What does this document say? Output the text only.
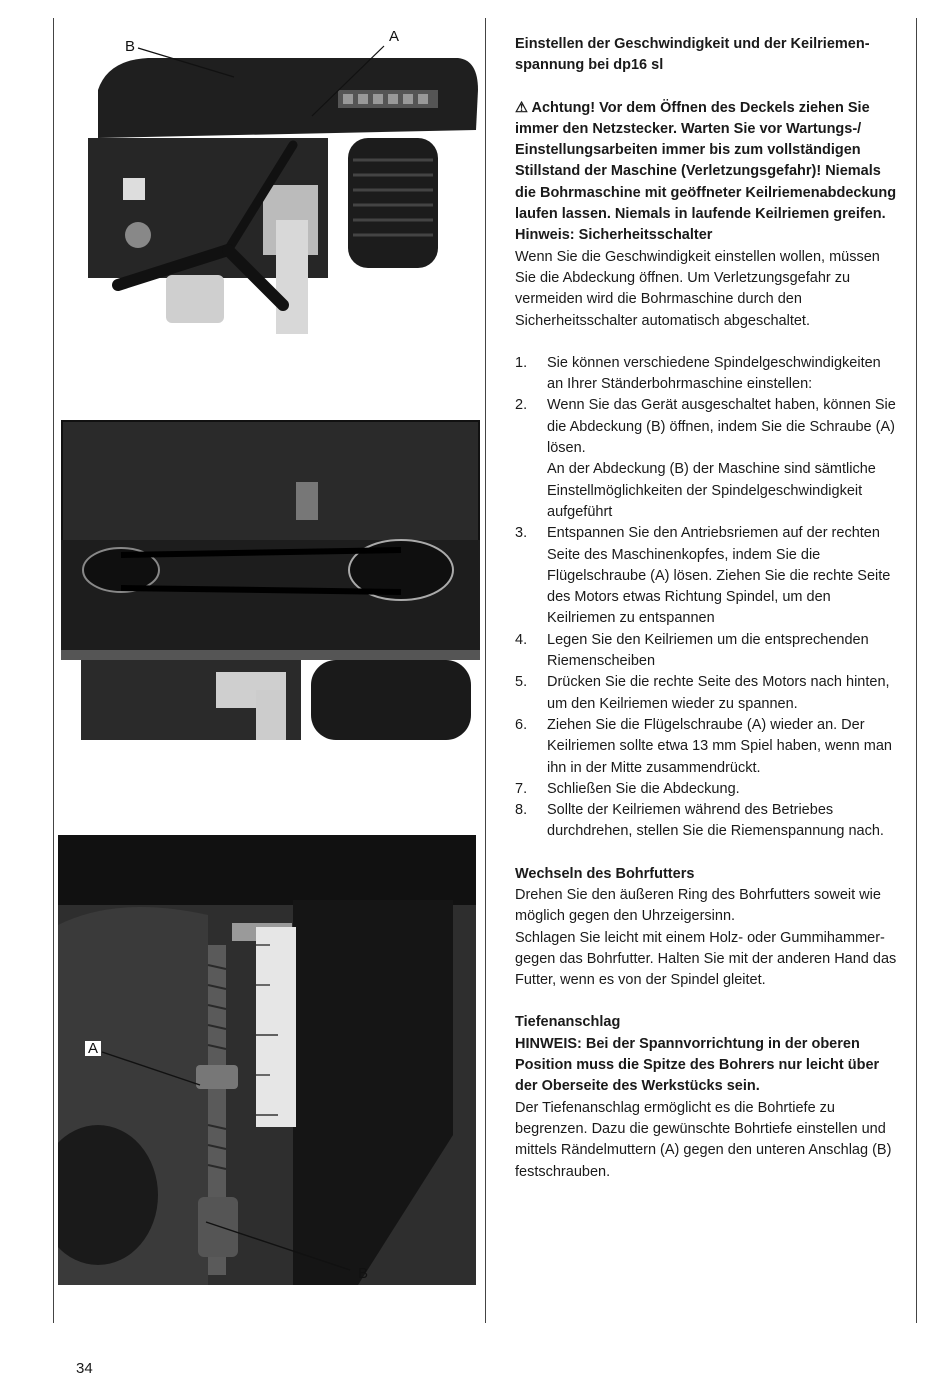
B
A
A
B

Einstellen der Geschwindigkeit und der Keilriemen-spannung bei dp16 sl

⚠ Achtung! Vor dem Öffnen des Deckels ziehen Sie immer den Netzstecker. Warten Sie vor Wartungs-/ Einstellungsarbeiten immer bis zum vollständigen Stillstand der Maschine (Verletzungsgefahr)! Niemals die Bohrmaschine mit geöffneter Keilriemenabdeckung laufen lassen. Niemals in laufende Keilriemen greifen.

Hinweis: Sicherheitsschalter

Wenn Sie die Geschwindigkeit einstellen wollen, müssen Sie die Abdeckung öffnen. Um Verletzungsgefahr zu vermeiden wird die Bohrmaschine durch den Sicherheitsschalter automatisch abgeschaltet.

1. Sie können verschiedene Spindelgeschwindigkeiten an Ihrer Ständerbohrmaschine einstellen:
2. Wenn Sie das Gerät ausgeschaltet haben, können Sie die Abdeckung (B) öffnen, indem Sie die Schraube (A) lösen.
An der Abdeckung (B) der Maschine sind sämtliche Einstellmöglichkeiten der Spindelgeschwindigkeit aufgeführt
3. Entspannen Sie den Antriebsriemen auf der rechten Seite des Maschinenkopfes, indem Sie die Flügelschraube (A) lösen. Ziehen Sie die rechte Seite des Motors etwas Richtung Spindel, um den Keilriemen zu entspannen
4. Legen Sie den Keilriemen um die entsprechenden Riemenscheiben
5. Drücken Sie die rechte Seite des Motors nach hinten, um den Keilriemen wieder zu spannen.
6. Ziehen Sie die Flügelschraube (A) wieder an. Der Keilriemen sollte etwa 13 mm Spiel haben, wenn man ihn in der Mitte zusammendrückt.
7. Schließen Sie die Abdeckung.
8. Sollte der Keilriemen während des Betriebes durchdrehen, stellen Sie die Riemenspannung nach.

Wechseln des Bohrfutters

Drehen Sie den äußeren Ring des Bohrfutters soweit wie möglich gegen den Uhrzeigersinn.

Schlagen Sie leicht mit einem Holz- oder Gummihammer-gegen das Bohrfutter. Halten Sie mit der anderen Hand das Futter, wenn es von der Spindel gleitet.

Tiefenanschlag

HINWEIS: Bei der Spannvorrichtung in der oberen Position muss die Spitze des Bohrers nur leicht über der Oberseite des Werkstücks sein.

Der Tiefenanschlag ermöglicht es die Bohrtiefe zu begrenzen. Dazu die gewünschte Bohrtiefe einstellen und mittels Rändelmuttern (A) gegen den unteren Anschlag (B) festschrauben.

34
